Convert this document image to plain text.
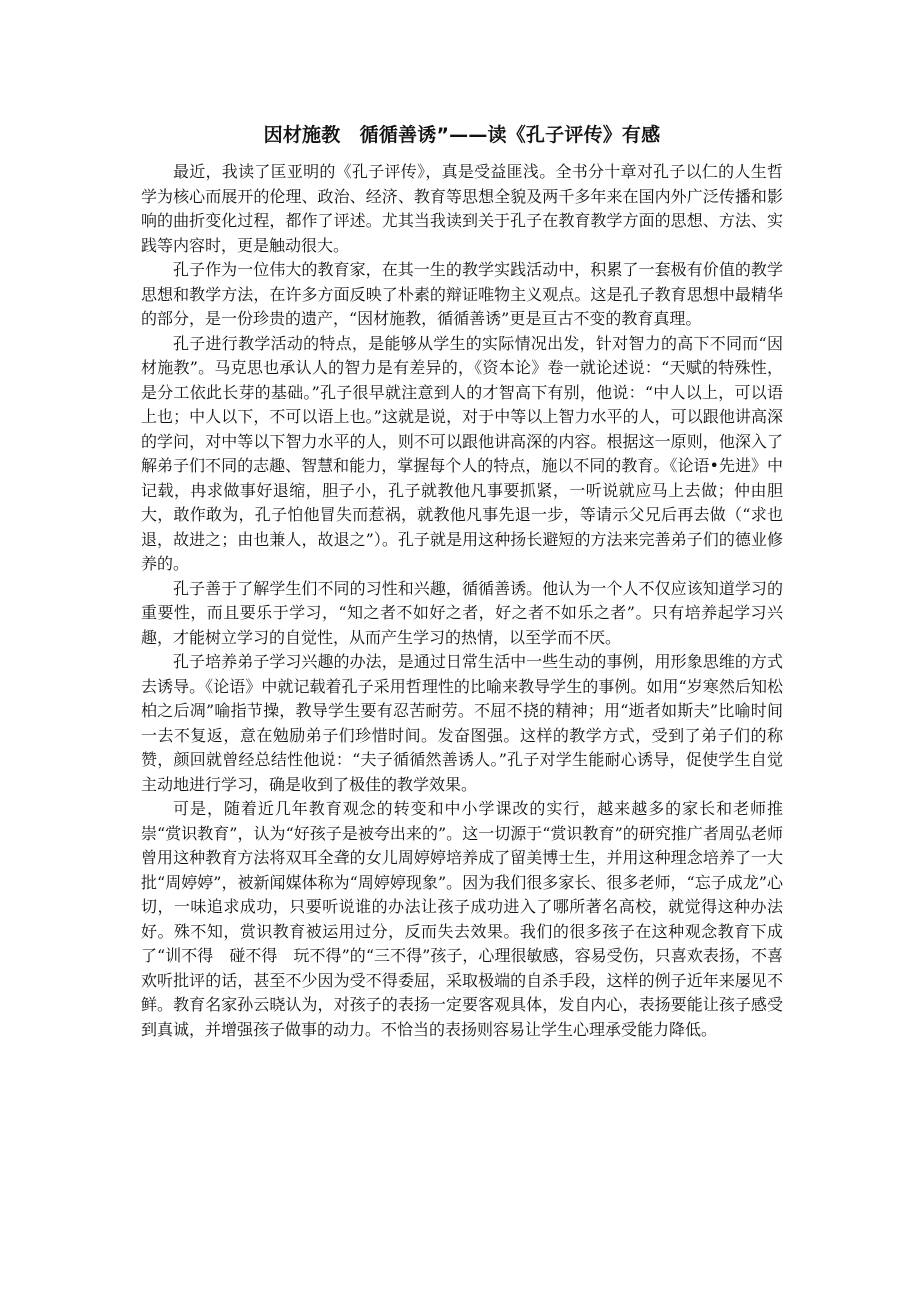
因材施教　循循善诱”——读《孔子评传》有感

最近，我读了匡亚明的《孔子评传》，真是受益匪浅。全书分十章对孔子以仁的人生哲学为核心而展开的伦理、政治、经济、教育等思想全貌及两千多年来在国内外广泛传播和影响的曲折变化过程，都作了评述。尤其当我读到关于孔子在教育教学方面的思想、方法、实践等内容时，更是触动很大。

孔子作为一位伟大的教育家，在其一生的教学实践活动中，积累了一套极有价值的教学思想和教学方法，在许多方面反映了朴素的辩证唯物主义观点。这是孔子教育思想中最精华的部分，是一份珍贵的遗产，“因材施教，循循善诱”更是亘古不变的教育真理。

孔子进行教学活动的特点，是能够从学生的实际情况出发，针对智力的高下不同而“因材施教”。马克思也承认人的智力是有差异的，《资本论》卷一就论述说：“天赋的特殊性，是分工依此长芽的基础。”孔子很早就注意到人的才智高下有别，他说：“中人以上，可以语上也；中人以下，不可以语上也。”这就是说，对于中等以上智力水平的人，可以跟他讲高深的学问，对中等以下智力水平的人，则不可以跟他讲高深的内容。根据这一原则，他深入了解弟子们不同的志趣、智慧和能力，掌握每个人的特点，施以不同的教育。《论语•先进》中记载，冉求做事好退缩，胆子小，孔子就教他凡事要抓紧，一听说就应马上去做；仲由胆大，敢作敢为，孔子怕他冒失而惹祸，就教他凡事先退一步，等请示父兄后再去做（“求也退，故进之；由也兼人，故退之”）。孔子就是用这种扬长避短的方法来完善弟子们的德业修养的。

孔子善于了解学生们不同的习性和兴趣，循循善诱。他认为一个人不仅应该知道学习的重要性，而且要乐于学习，“知之者不如好之者，好之者不如乐之者”。只有培养起学习兴趣，才能树立学习的自觉性，从而产生学习的热情，以至学而不厌。

孔子培养弟子学习兴趣的办法，是通过日常生活中一些生动的事例，用形象思维的方式去诱导。《论语》中就记载着孔子采用哲理性的比喻来教导学生的事例。如用“岁寒然后知松柏之后凋”喻指节操，教导学生要有忍苦耐劳。不屈不挠的精神；用“逝者如斯夫”比喻时间一去不复返，意在勉励弟子们珍惜时间。发奋图强。这样的教学方式，受到了弟子们的称赞，颜回就曾经总结性他说：“夫子循循然善诱人。”孔子对学生能耐心诱导，促使学生自觉主动地进行学习，确是收到了极佳的教学效果。

可是，随着近几年教育观念的转变和中小学课改的实行，越来越多的家长和老师推崇“赏识教育”，认为“好孩子是被夸出来的”。这一切源于“赏识教育”的研究推广者周弘老师曾用这种教育方法将双耳全聋的女儿周婷婷培养成了留美博士生，并用这种理念培养了一大批“周婷婷”，被新闻媒体称为“周婷婷现象”。因为我们很多家长、很多老师，“忘子成龙”心切，一味追求成功，只要听说谁的办法让孩子成功进入了哪所著名高校，就觉得这种办法好。殊不知，赏识教育被运用过分，反而失去效果。我们的很多孩子在这种观念教育下成了“训不得　碰不得　玩不得”的“三不得”孩子，心理很敏感，容易受伤，只喜欢表扬，不喜欢听批评的话，甚至不少因为受不得委屈，采取极端的自杀手段，这样的例子近年来屡见不鲜。教育名家孙云晓认为，对孩子的表扬一定要客观具体，发自内心，表扬要能让孩子感受到真诚，并增强孩子做事的动力。不恰当的表扬则容易让学生心理承受能力降低。
